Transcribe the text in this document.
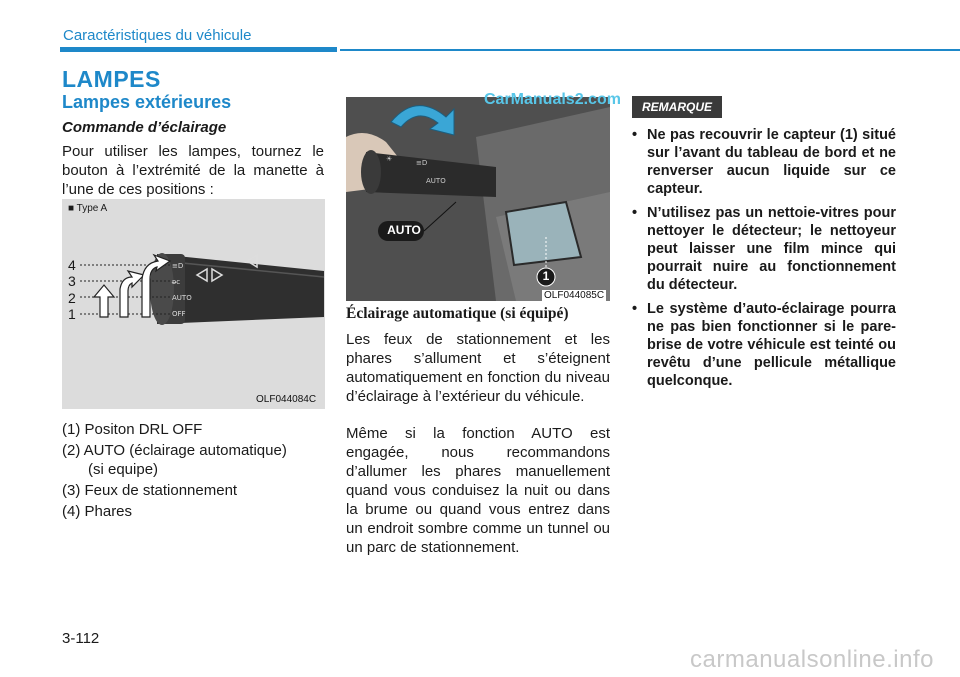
Caractéristiques du véhicule
LAMPES
Lampes extérieures
Commande d’éclairage
Pour utiliser les lampes, tournez le bouton à l’extrémité de la manette à l’une de ces positions :
≡D
ᴅ̶ᴄ
AUTO
OFF
■ Type A
4
3
2
1
OLF044084C
(1) Positon DRL OFF
(2) AUTO (éclairage automatique)
(si equipe)
(3) Feux de stationnement
(4) Phares
☀	≡D
AUTO
AUTO
1
OLF044085C
CarManuals2.com
Éclairage automatique (si équipé)

Les feux de stationnement et les phares s’allument et s’éteignent automatiquement en fonction du niveau d’éclairage à l’extérieur du véhicule.

Même si la fonction AUTO est engagée, nous recommandons d’allumer les phares manuellement quand vous conduisez la nuit ou dans la brume ou quand vous entrez dans un endroit sombre comme un tunnel ou un parc de stationnement.

REMARQUE
• Ne pas recouvrir le capteur (1) situé sur l’avant du tableau de bord et ne renverser aucun liquide sur ce capteur.
• N’utilisez pas un nettoie-vitres pour nettoyer le détecteur; le nettoyeur peut laisser une film mince qui pourrait nuire au fonctionnement du détecteur.
• Le système d’auto-éclairage pourra ne pas bien fonctionner si le pare-brise de votre véhicule est teinté ou revêtu d’une pellicule métallique quelconque.
3-112
carmanualsonline.info
